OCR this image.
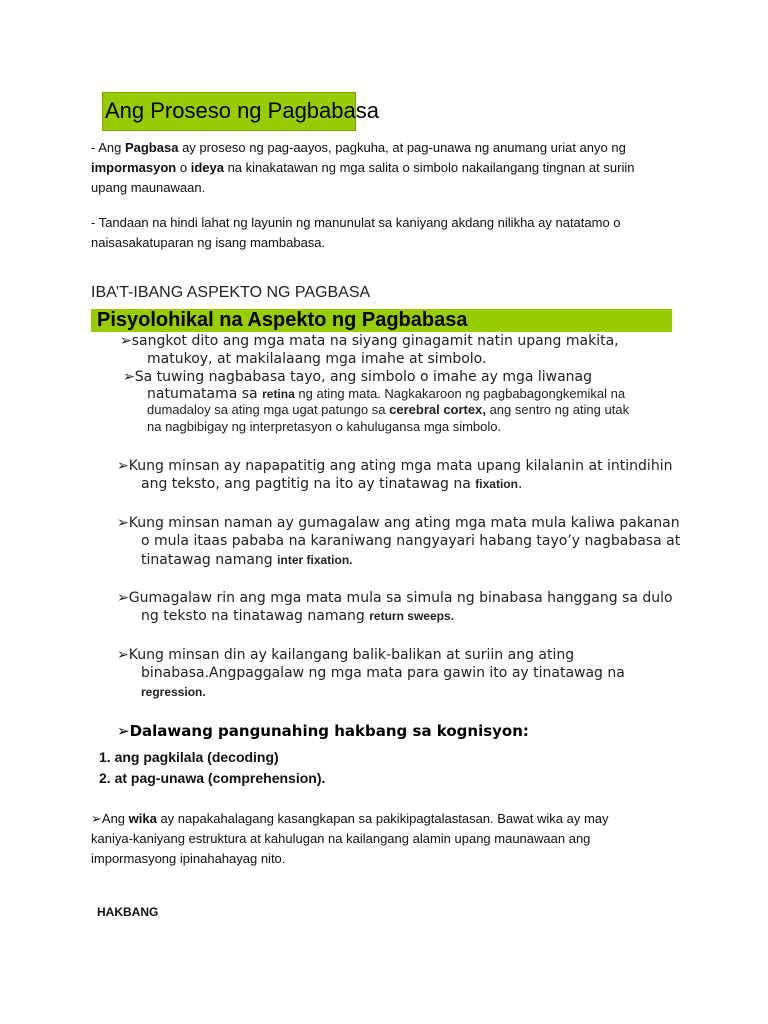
Ang Proseso ng Pagbabasa
- Ang Pagbasa ay proseso ng pag-aayos, pagkuha, at pag-unawa ng anumang uriat anyo ng
impormasyon o ideya na kinakatawan ng mga salita o simbolo nakailangang tingnan at suriin
upang maunawaan.
- Tandaan na hindi lahat ng layunin ng manunulat sa kaniyang akdang nilikha ay natatamo o
naisasakatuparan ng isang mambabasa.
IBA’T-IBANG ASPEKTO NG PAGBASA
Pisyolohikal na Aspekto ng Pagbabasa
➢sangkot dito ang mga mata na siyang ginagamit natin upang makita,
matukoy, at makilalaang mga imahe at simbolo.
➢Sa tuwing nagbabasa tayo, ang simbolo o imahe ay mga liwanag
natumatama sa retina ng ating mata. Nagkakaroon ng pagbabagongkemikal na
dumadaloy sa ating mga ugat patungo sa cerebral cortex, ang sentro ng ating utak
na nagbibigay ng interpretasyon o kahulugansa mga simbolo.
➢Kung minsan ay napapatitig ang ating mga mata upang kilalanin at intindihin
ang teksto, ang pagtitig na ito ay tinatawag na fixation.
➢Kung minsan naman ay gumagalaw ang ating mga mata mula kaliwa pakanan
o mula itaas pababa na karaniwang nangyayari habang tayo’y nagbabasa at
tinatawag namang inter fixation.
➢Gumagalaw rin ang mga mata mula sa simula ng binabasa hanggang sa dulo
ng teksto na tinatawag namang return sweeps.
➢Kung minsan din ay kailangang balik-balikan at suriin ang ating
binabasa.Angpaggalaw ng mga mata para gawin ito ay tinatawag na
regression.
➢Dalawang pangunahing hakbang sa kognisyon:
1. ang pagkilala (decoding)
2. at pag-unawa (comprehension).
➢Ang wika ay napakahalagang kasangkapan sa pakikipagtalastasan. Bawat wika ay may
kaniya-kaniyang estruktura at kahulugan na kailangang alamin upang maunawaan ang
impormasyong ipinahahayag nito.
HAKBANG
